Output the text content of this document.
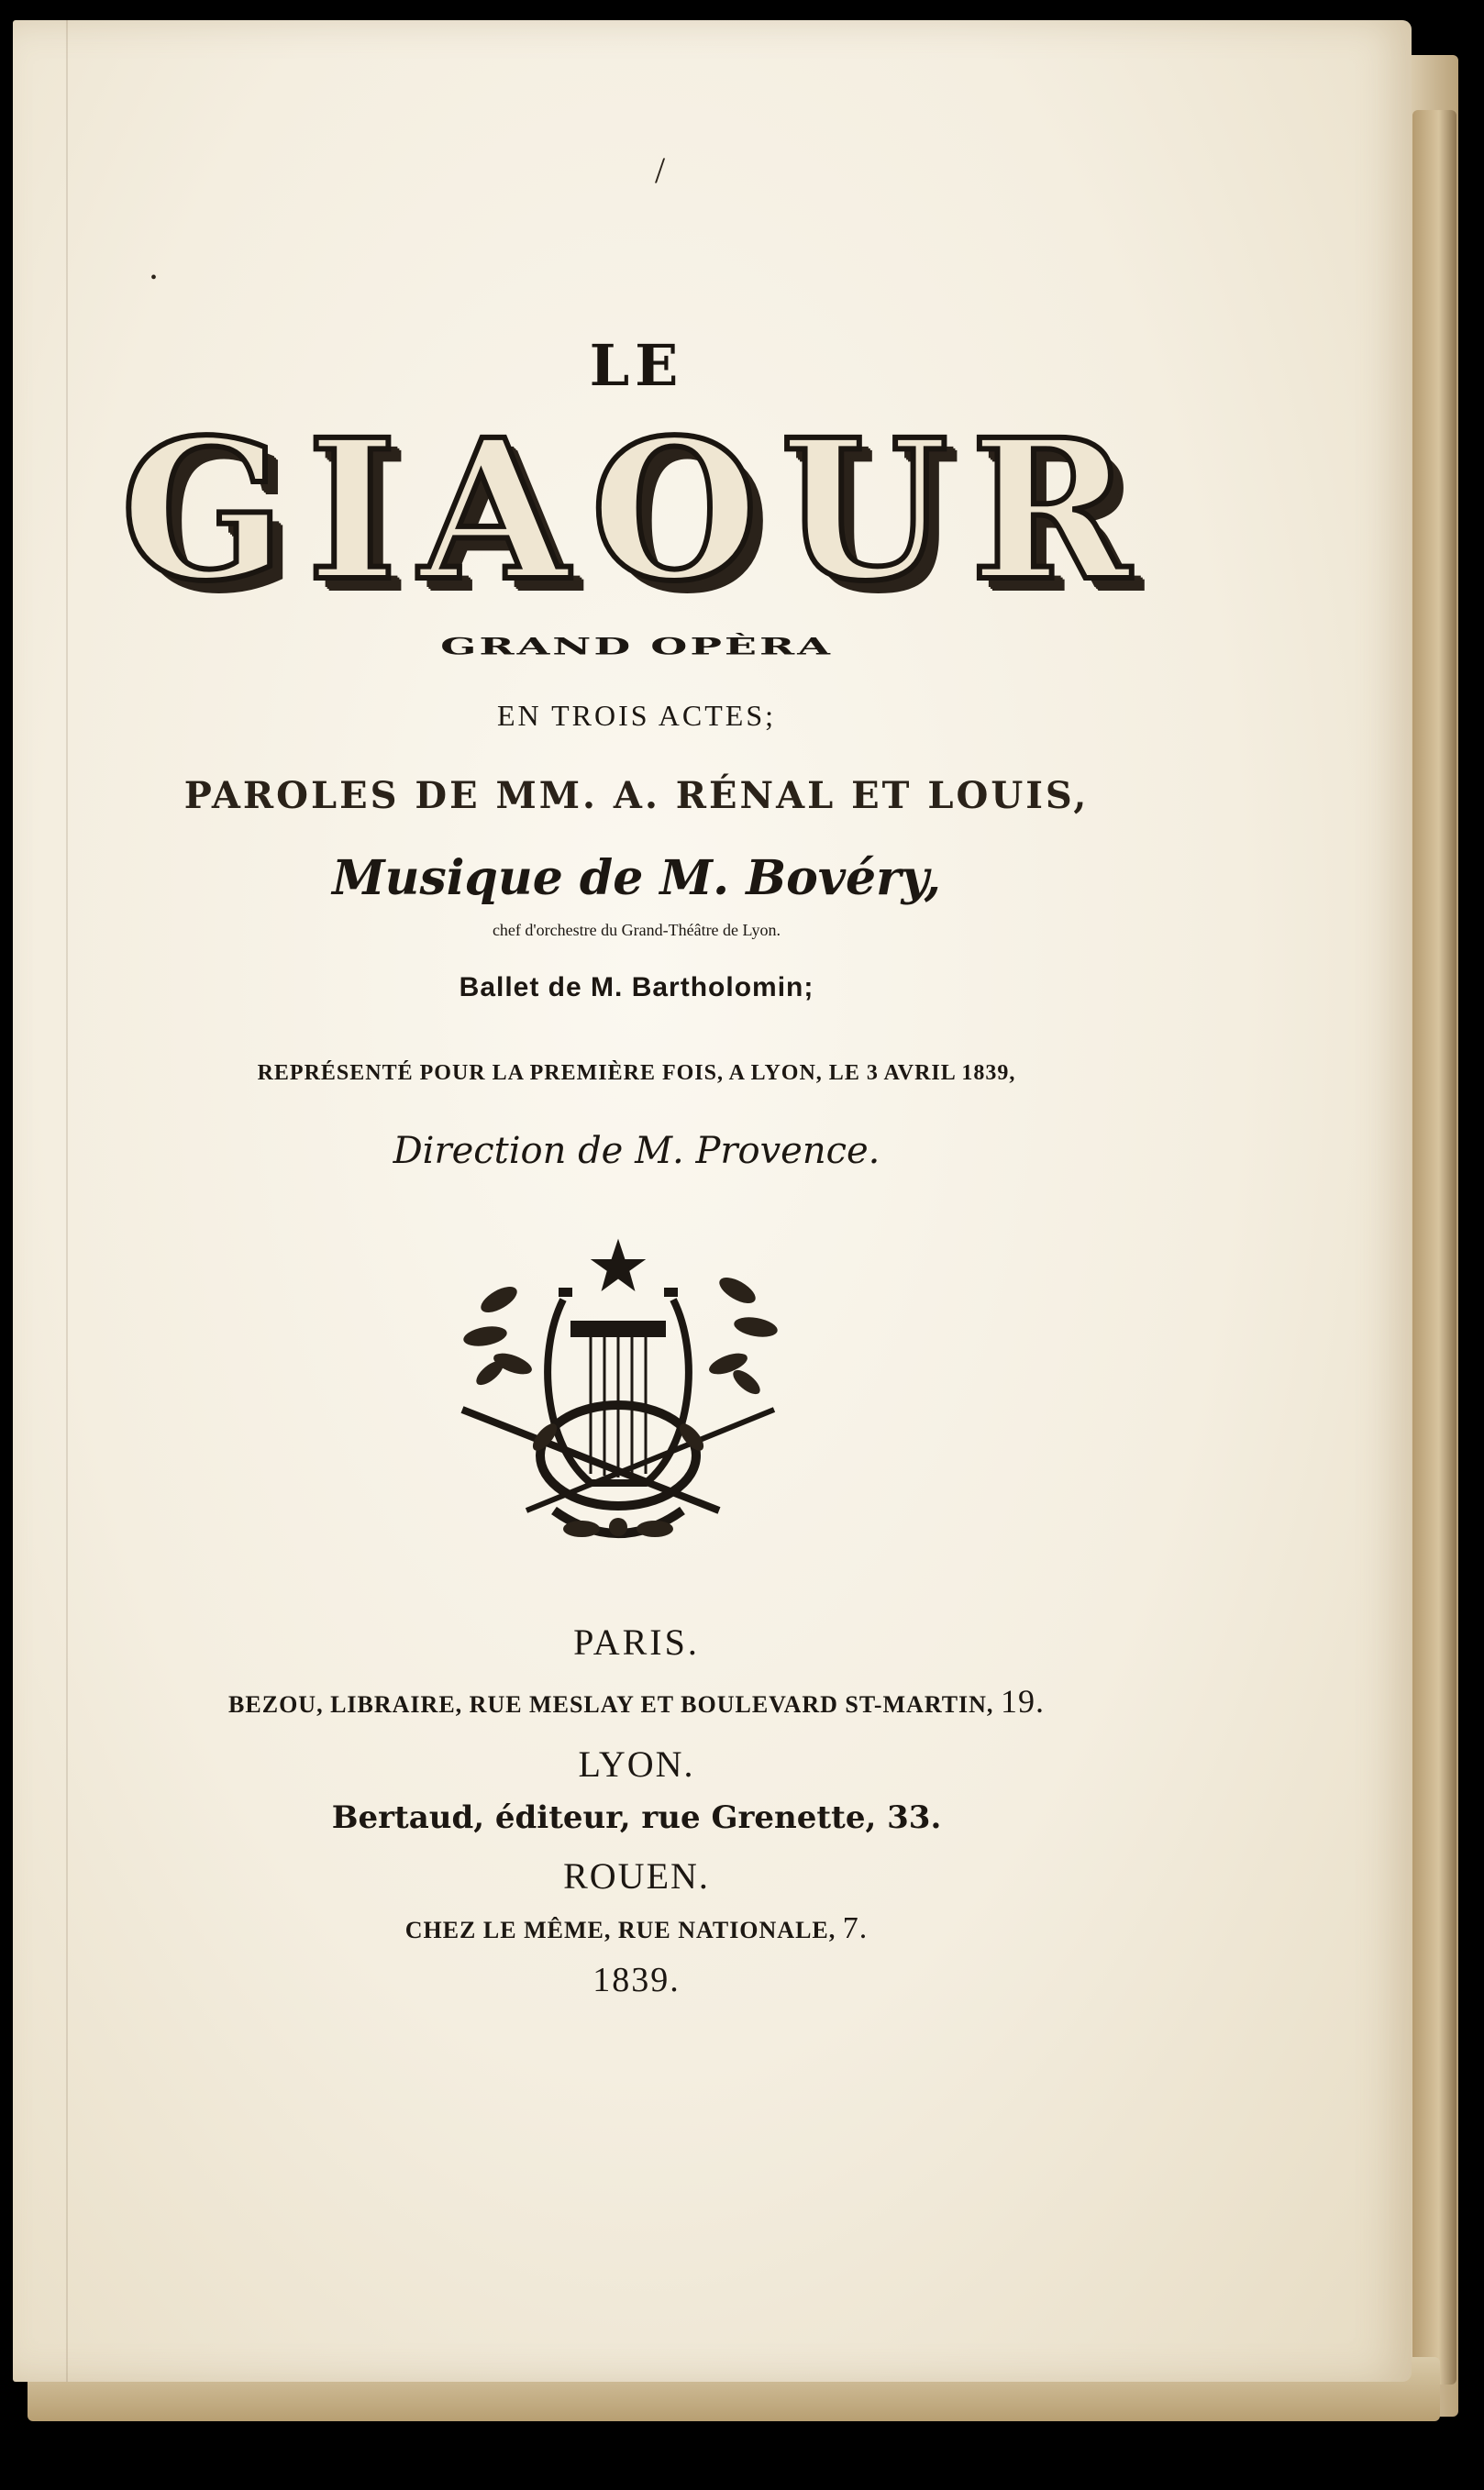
/
•
LE
GIAOUR
GRAND OPÈRA
EN TROIS ACTES;
PAROLES DE MM. A. RÉNAL ET LOUIS,
Musique de M. Bovéry,
chef d'orchestre du Grand-Théâtre de Lyon.
Ballet de M. Bartholomin;
REPRÉSENTÉ POUR LA PREMIÈRE FOIS, A LYON, LE 3 AVRIL 1839,
Direction de M. Provence.
PARIS.
BEZOU, LIBRAIRE, RUE MESLAY ET BOULEVARD ST-MARTIN, 19.
LYON.
Bertaud, éditeur, rue Grenette, 33.
ROUEN.
CHEZ LE MÊME, RUE NATIONALE, 7.
1839.
